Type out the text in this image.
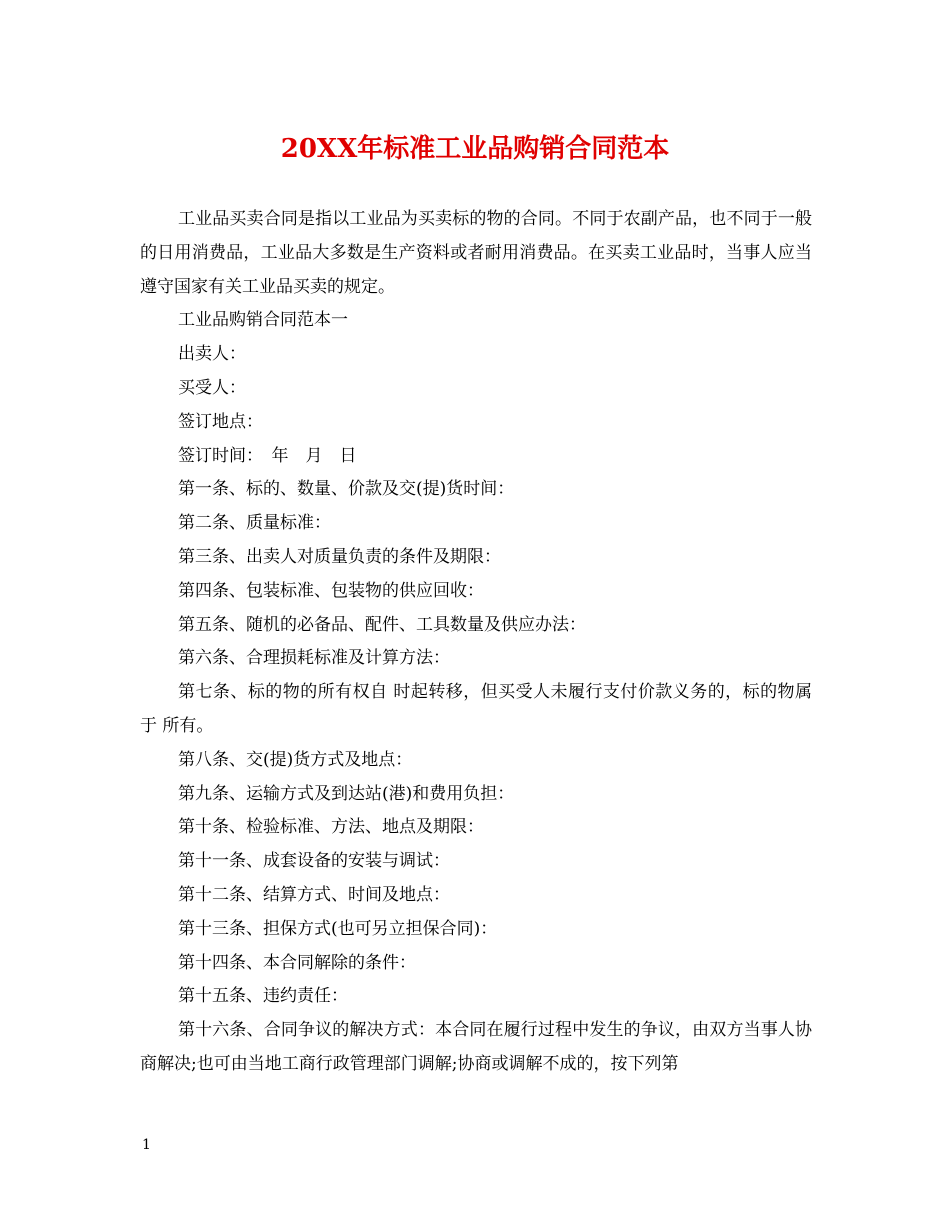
20XX年标准工业品购销合同范本

工业品买卖合同是指以工业品为买卖标的物的合同。不同于农副产品，也不同于一般的日用消费品，工业品大多数是生产资料或者耐用消费品。在买卖工业品时，当事人应当遵守国家有关工业品买卖的规定。

工业品购销合同范本一

出卖人：

买受人：

签订地点：

签订时间：　年　月　日

第一条、标的、数量、价款及交(提)货时间：

第二条、质量标准：

第三条、出卖人对质量负责的条件及期限：

第四条、包装标准、包装物的供应回收：

第五条、随机的必备品、配件、工具数量及供应办法：

第六条、合理损耗标准及计算方法：

第七条、标的物的所有权自 时起转移，但买受人未履行支付价款义务的，标的物属于 所有。

第八条、交(提)货方式及地点：

第九条、运输方式及到达站(港)和费用负担：

第十条、检验标准、方法、地点及期限：

第十一条、成套设备的安装与调试：

第十二条、结算方式、时间及地点：

第十三条、担保方式(也可另立担保合同)：

第十四条、本合同解除的条件：

第十五条、违约责任：

第十六条、合同争议的解决方式：本合同在履行过程中发生的争议，由双方当事人协商解决;也可由当地工商行政管理部门调解;协商或调解不成的，按下列第

1
